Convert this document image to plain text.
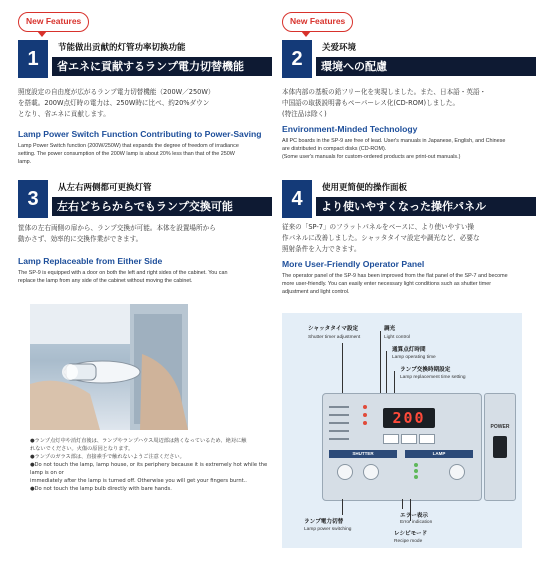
New Features
1	节能做出贡献的灯管功率切换功能
省エネに貢献するランプ電力切替機能
照度設定の自由度が広がるランプ電力切替機能（200W／250W）
を搭載。200W点灯時の電力は、250W時に比べ、約20%ダウン
となり、省エネに貢献します。
Lamp Power Switch Function Contributing to Power-Saving
Lamp Power Switch function (200W/250W) that expands the degree of freedom of irradiance
setting. The power consumption of the 200W lamp is about 20% less than that of the 250W
lamp.
New Features
2	关爱环境
環境への配慮
本体内部の基板の鉛フリー化を実現しました。また、日本語・英語・
中国語の取扱説明書もペーパーレス化(CD-ROM)しました。
(特注品は除く)
Environment-Minded Technology
All PC boards in the SP-9 are free of lead. User's manuals in Japanese, English, and Chinese
are distributed in compact disks (CD-ROM).
(Some user's manuals for custom-ordered products are print-out manuals.)
3	从左右两侧都可更换灯管
左右どちらからでもランプ交換可能
筐体の左右両側の扉から、ランプ交換が可能。本体を設置場所から
動かさず、効率的に交換作業ができます。
Lamp Replaceable from Either Side
The SP-9 is equipped with a door on both the left and right sides of the cabinet. You can
replace the lamp from any side of the cabinet without moving the cabinet.
●ランプ点灯中や消灯直後は、ランプやランプハウス周辺部は熱くなっているため、絶対に触
れないでください。火傷の原因となります。
●ランプのガラス部は、直接素手で触れないようご注意ください。
●Do not touch the lamp, lamp house, or its periphery because it is extremely hot while the lamp is on or
immediately after the lamp is turned off. Otherwise you will get your fingers burnt..
●Do not touch the lamp bulb directly with bare hands.
4	使用更简便的操作面板
より使いやすくなった操作パネル
従来の「SP-7」のフラットパネルをベースに、より使いやすい操
作パネルに改善しました。シャッタタイマ設定や調光など、必要な
照射条件を入力できます。
More User-Friendly Operator Panel
The operator panel of the SP-9 has been improved from the flat panel of the SP-7 and become
more user-friendly. You can easily enter necessary light conditions such as shutter timer
adjustment and light control.
シャッタタイマ設定
Shutter timer adjustment
調光
Light control
通算点灯時間
Lamp operating time
ランプ交換時期設定
Lamp replacement time setting
200
SHUTTER	LAMP
POWER
ランプ電力切替
Lamp power switching
エラー表示
Error indication
レシピモード
Recipe mode
